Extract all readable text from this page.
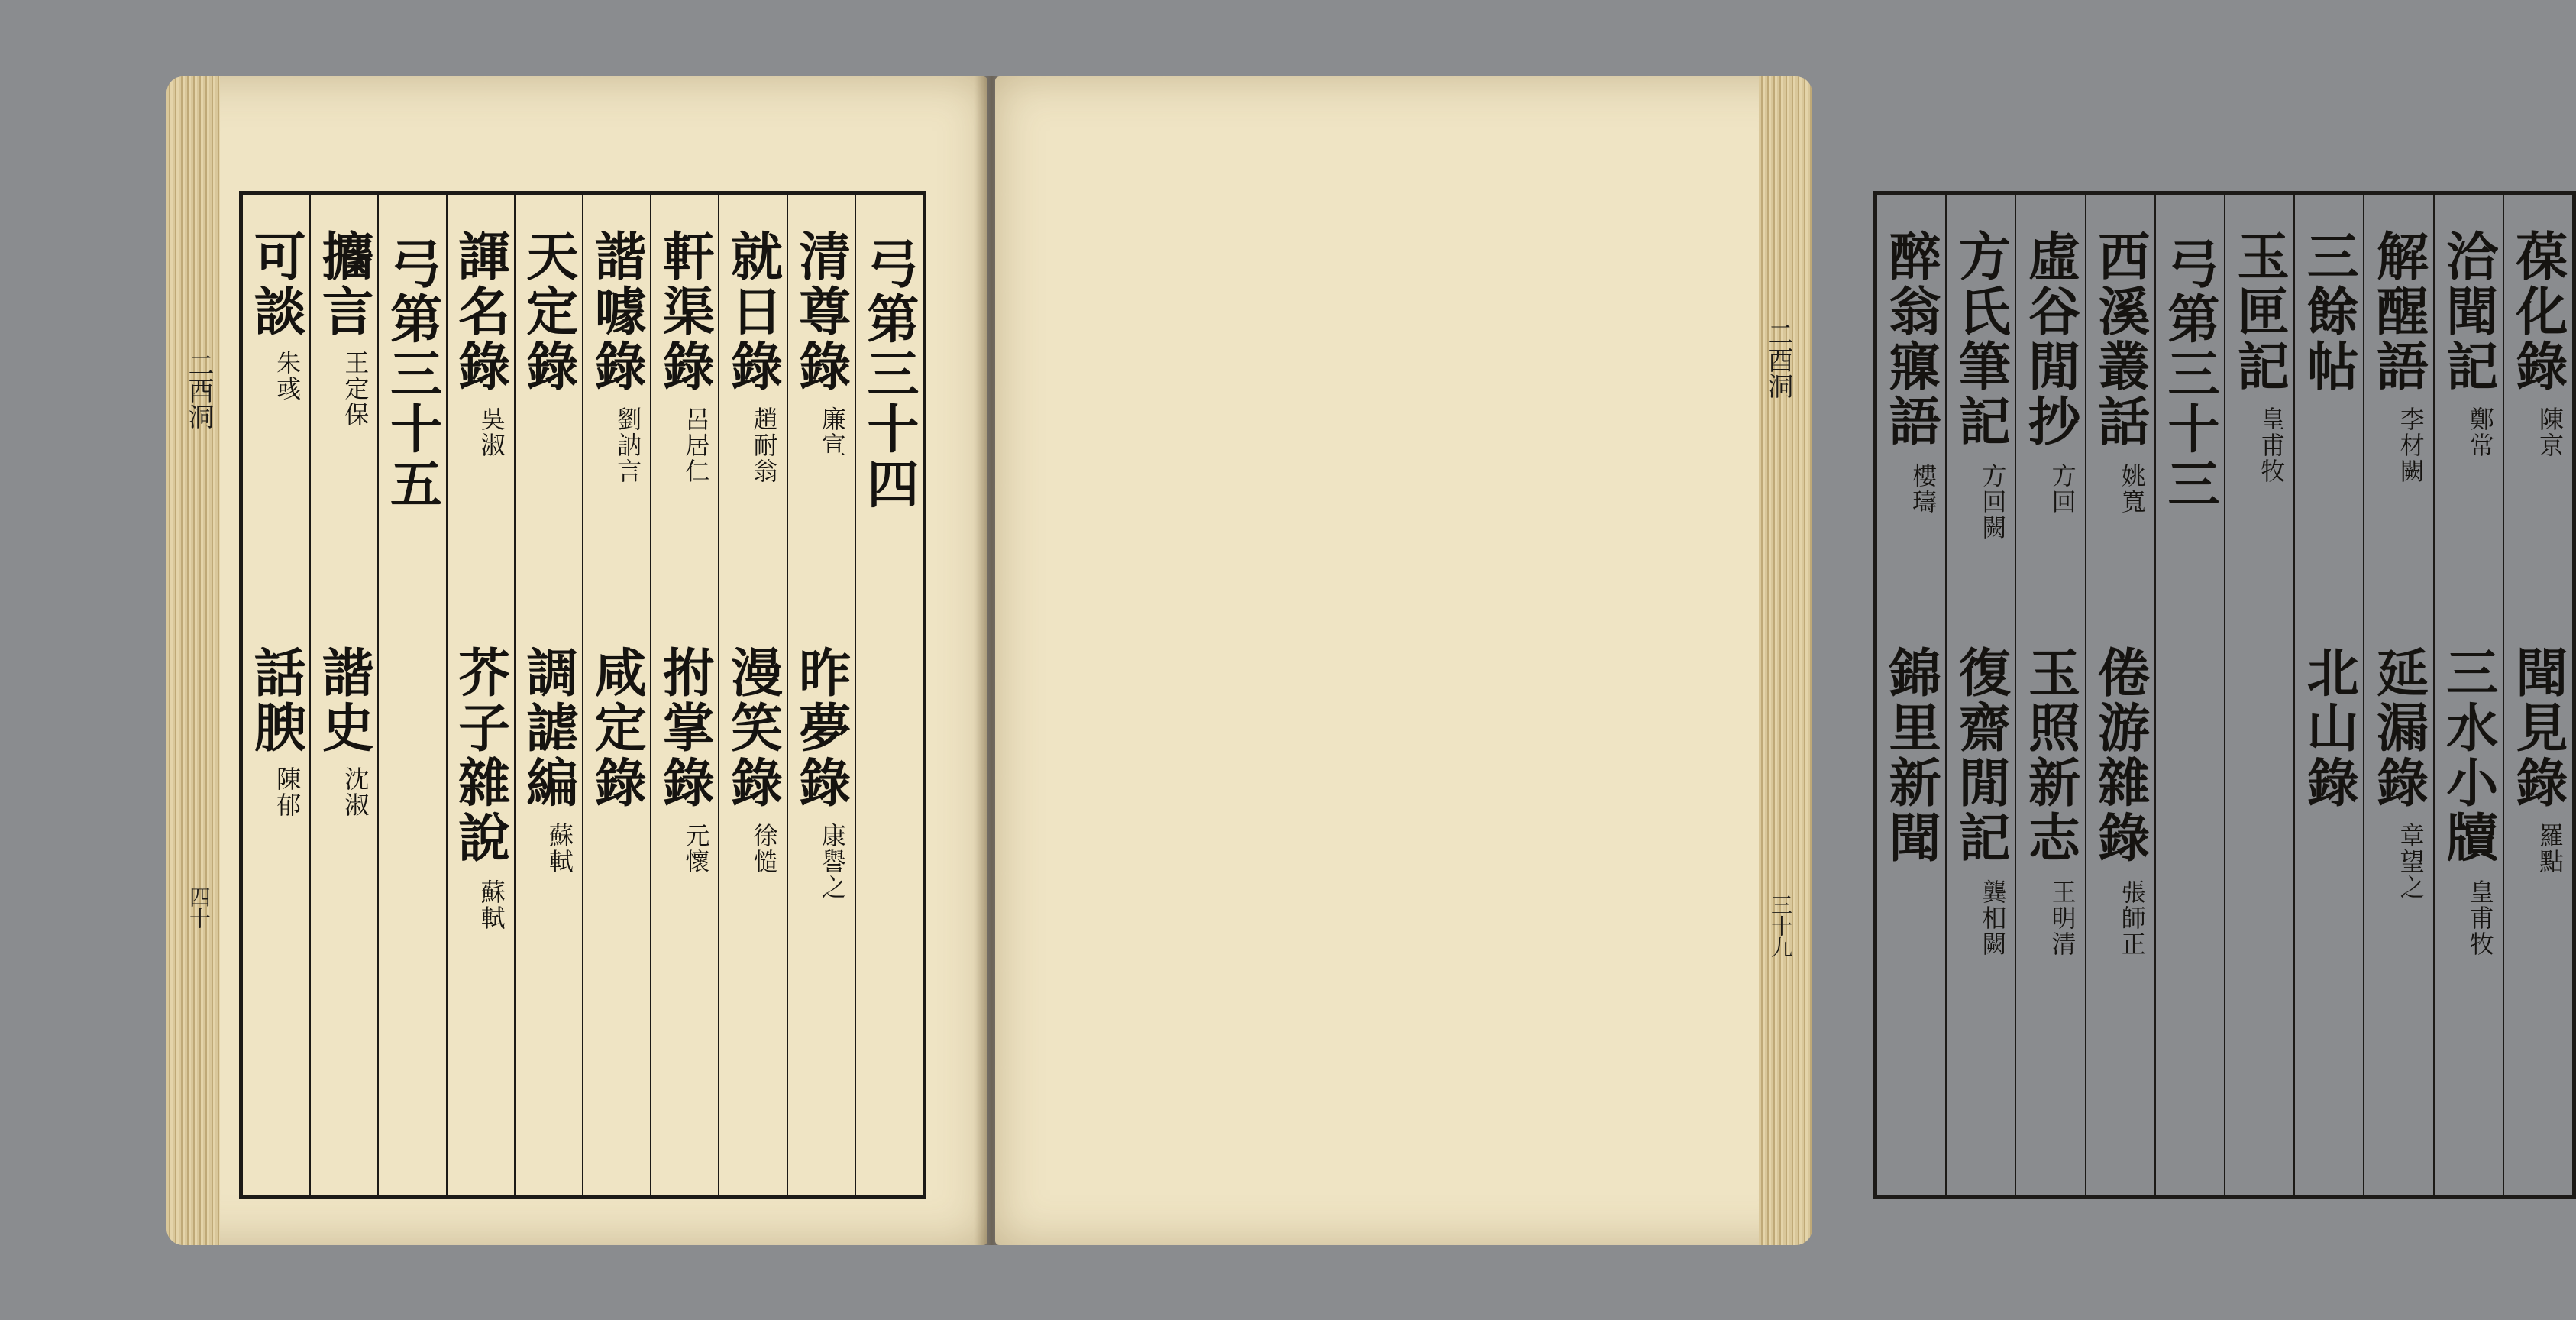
二酉洞
四十
弓第三十四
清尊錄
廉宣
昨夢錄
康譽之
就日錄
趙耐翁
漫笑錄
徐慥
軒渠錄
呂居仁
拊掌錄
元懷
諧噱錄
劉訥言
咸定錄
天定錄
調謔編
蘇軾
諢名錄
吳淑
芥子雜說
蘇軾
弓第三十五
攟言
王定保
諧史
沈淑
可談
朱彧
話腴
陳郁
二酉洞
三十九
葆化錄
陳京
聞見錄
羅點
洽聞記
鄭常
三水小牘
皇甫牧
解醒語
李材闕
延漏錄
章望之
三餘帖
北山錄
玉匣記
皇甫牧
弓第三十三
西溪叢話
姚寬
倦游雜錄
張師正
虛谷閒抄
方回
玉照新志
王明清
方氏筆記
方回闕
復齋閒記
龔相闕
醉翁寱語
樓璹
錦里新聞
